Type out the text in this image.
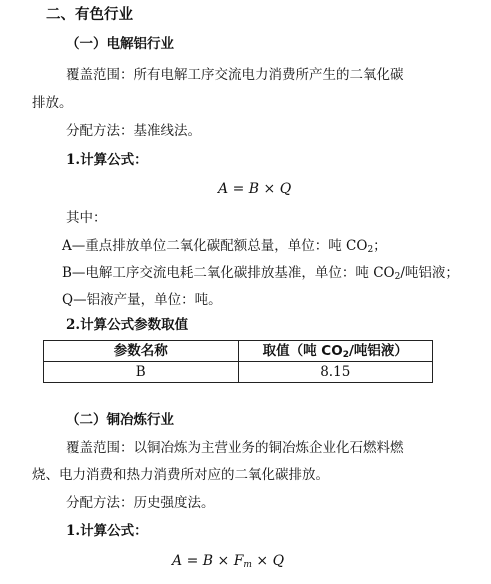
二、有色行业
（一）电解铝行业
覆盖范围：所有电解工序交流电力消费所产生的二氧化碳
排放。
分配方法：基准线法。
1.计算公式：
A = B × Q
其中：
A—重点排放单位二氧化碳配额总量，单位：吨 $CO_2$；
B—电解工序交流电耗二氧化碳排放基准，单位：吨 $CO_2/$吨铝液；
Q—铝液产量，单位：吨。
2.计算公式参数取值
参数名称	取值（吨 $CO_2/$吨铝液）
B	8.15
（二）铜冶炼行业
覆盖范围：以铜冶炼为主营业务的铜冶炼企业化石燃料燃
烧、电力消费和热力消费所对应的二氧化碳排放。
分配方法：历史强度法。
1.计算公式：
$A = B \times F_m \times Q$
